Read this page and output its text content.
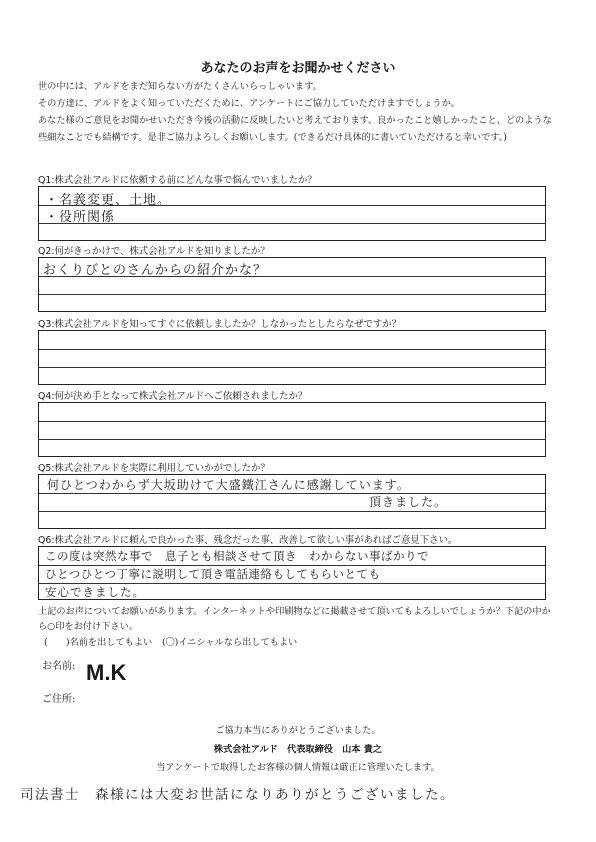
あなたのお声をお聞かせください
世の中には、アルドをまだ知らない方がたくさんいらっしゃいます。
その方達に、アルドをよく知っていただくために、アンケートにご協力していただけますでしょうか。
あなた様のご意見をお聞かせいただき今後の活動に反映したいと考えております。良かったこと嬉しかったこと、どのような
些細なことでも結構です。是非ご協力よろしくお願いします。(できるだけ具体的に書いていただけると幸いです。)
Q1:株式会社アルドに依頼する前にどんな事で悩んでいましたか？
・名義変更、土地。
・役所関係
Q2:何がきっかけで、株式会社アルドを知りましたか？
おくりびとのさんからの紹介かな？
Q3:株式会社アルドを知ってすぐに依頼しましたか？しなかったとしたらなぜですか？
Q4:何が決め手となって株式会社アルドへご依頼されましたか？
Q5:株式会社アルドを実際に利用していかがでしたか？
何ひとつわからず大坂助けて大盛鐵江さんに感謝しています。
頂きました。
Q6:株式会社アルドに頼んで良かった事、残念だった事、改善して欲しい事があればご意見下さい。
この度は突然な事で　息子とも相談させて頂き　わからない事ばかりで
ひとつひとつ丁寧に説明して頂き電話連絡もしてもらいとても
安心できました。
上記のお声についてお願いがあります。インターネットや印刷物などに掲載させて頂いてもよろしいでしょうか？下記の中か
ら○印をお付け下さい。
(　　)名前を出してもよい (〇)イニシャルなら出してもよい
お名前: M.K
ご住所:
ご協力本当にありがとうございました。
株式会社アルド　代表取締役　山本 貴之
当アンケートで取得したお客様の個人情報は厳正に管理いたします。
司法書士　森様には大変お世話になりありがとうございました。
